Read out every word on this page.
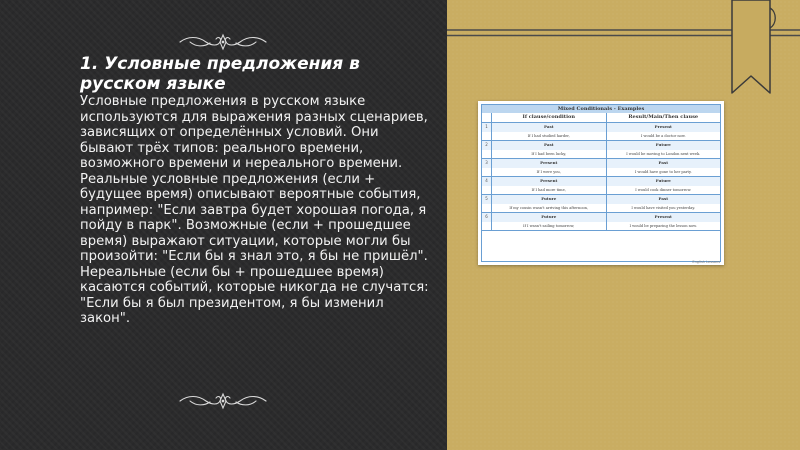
1. Условные предложения в русском языке

Условные предложения в русском языке используются для выражения разных сценариев, зависящих от определённых условий. Они бывают трёх типов: реального времени, возможного времени и нереального времени. Реальные условные предложения (если + будущее время) описывают вероятные события, например: "Если завтра будет хорошая погода, я пойду в парк". Возможные (если + прошедшее время) выражают ситуации, которые могли бы произойти: "Если бы я знал это, я бы не пришёл". Нереальные (если бы + прошедшее время) касаются событий, которые никогда не случатся: "Если бы я был президентом, я бы изменил закон".

Mixed Conditionals - Examples
If clause/condition	Result/Main/Then clause
1	Past	Present
If I had studied harder,	I would be a doctor now.
2	Past	Future
If I had been lucky,	I would be moving to London next week.
3	Present	Past
If I were you,	I would have gone to her party.
4	Present	Future
If I had more time,	I would cook dinner tomorrow.
5	Future	Past
If my cousin wasn't arriving this afternoon,	I would have visited you yesterday.
6	Future	Present
If I wasn't sailing tomorrow,	I would be preparing the lesson now.
English Lessons
